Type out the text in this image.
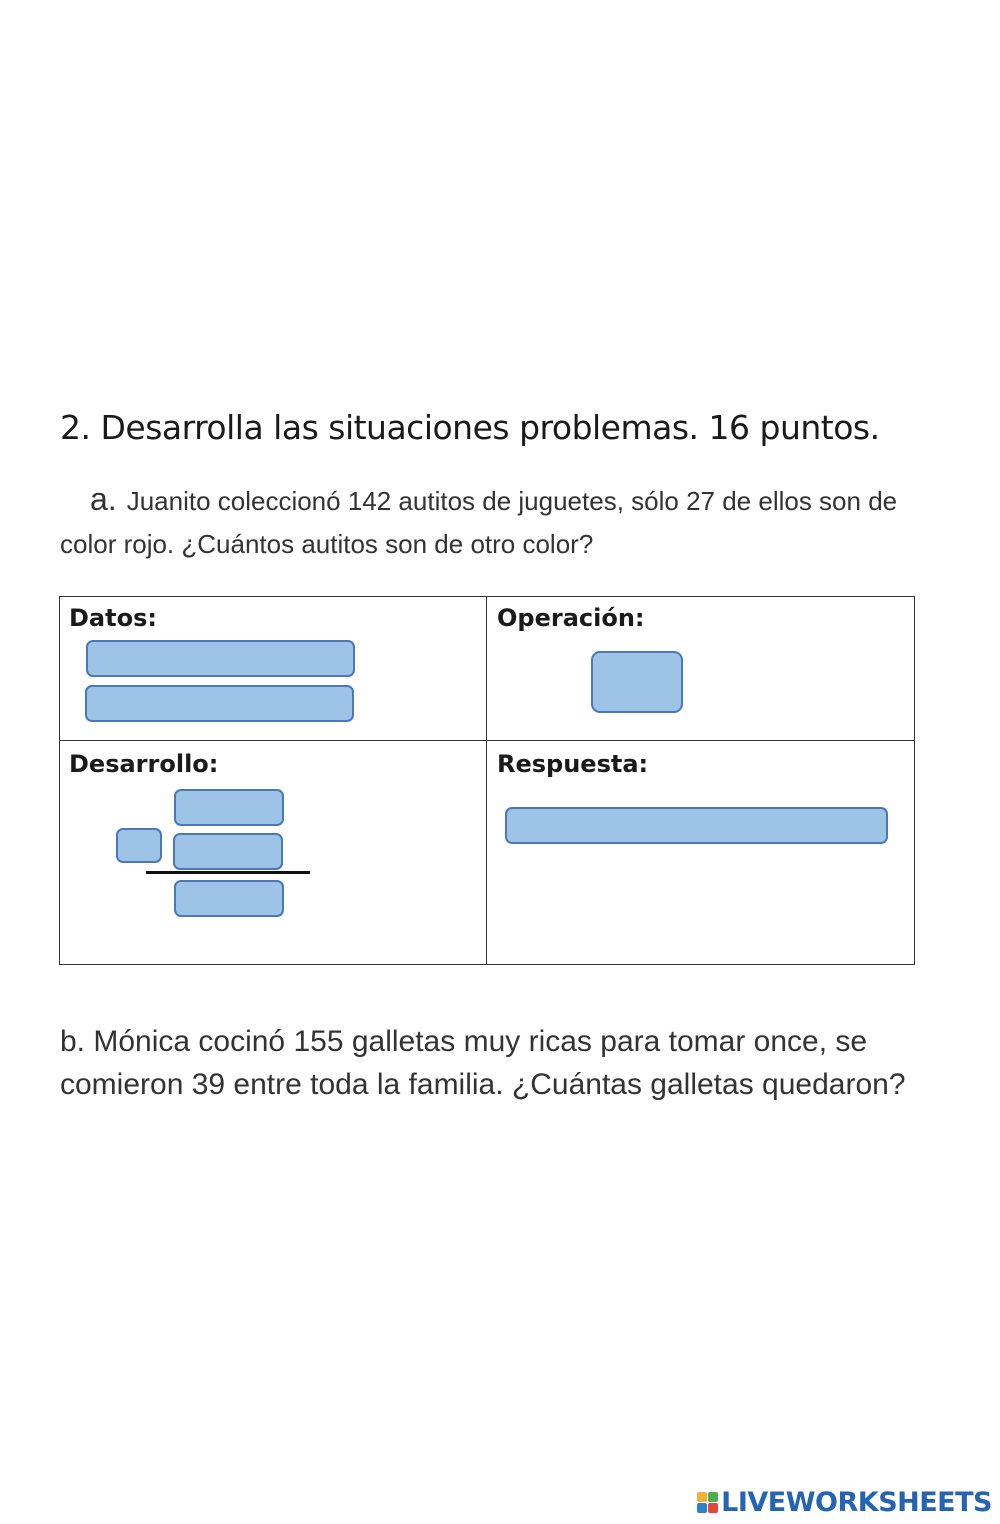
2. Desarrolla las situaciones problemas. 16 puntos.
a. Juanito coleccionó 142 autitos de juguetes, sólo 27 de ellos son de color rojo. ¿Cuántos autitos son de otro color?
Datos:	Operación:
Desarrollo:	Respuesta:
b. Mónica cocinó 155 galletas muy ricas para tomar once, se comieron 39 entre toda la familia. ¿Cuántas galletas quedaron?
LIVEWORKSHEETS
